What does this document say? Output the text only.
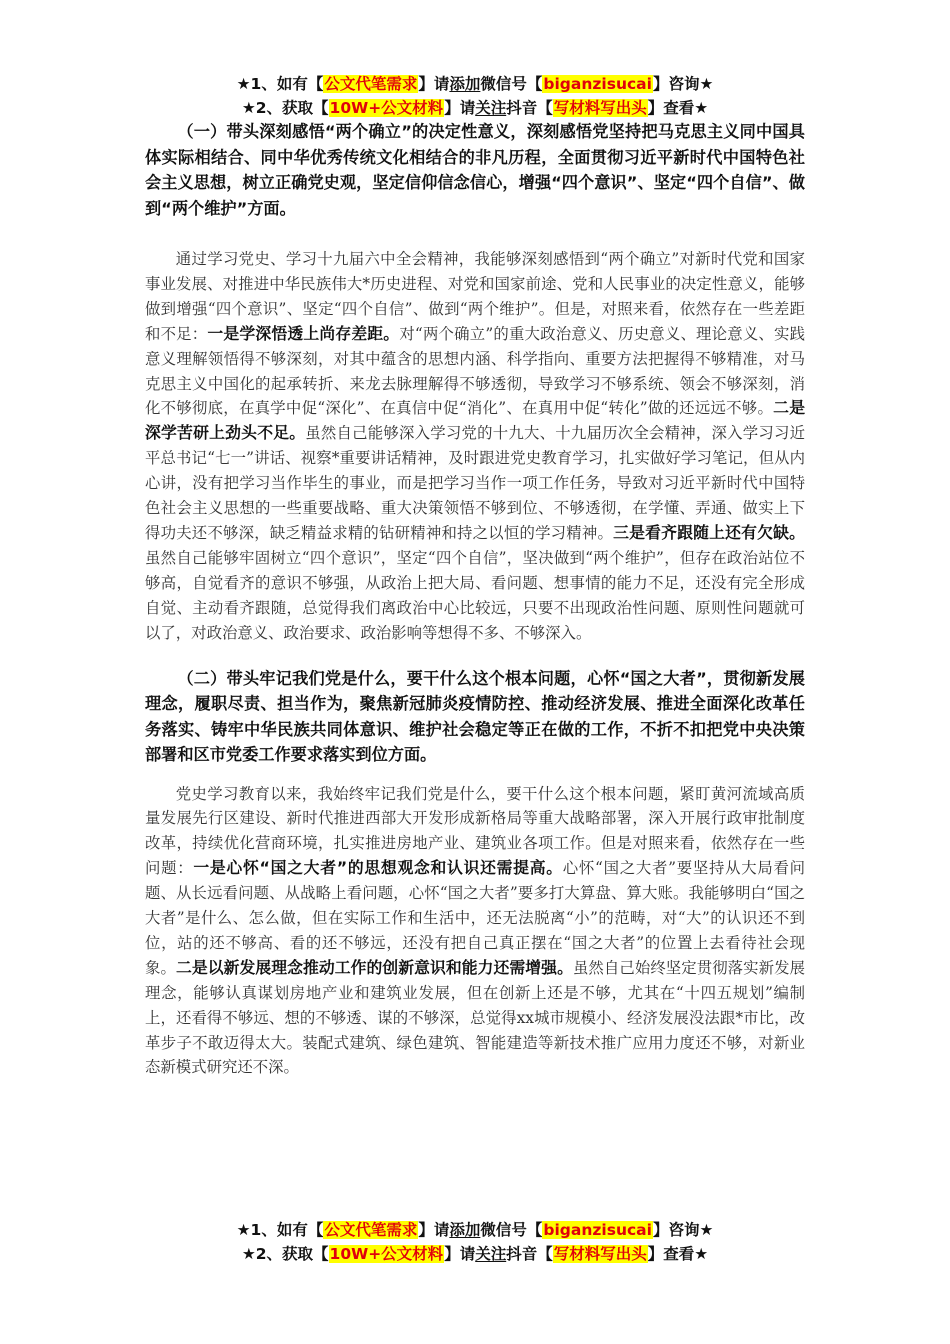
★1、如有【公文代笔需求】请添加微信号【biganzisucai】咨询★
★2、获取【10W+公文材料】请关注抖音【写材料写出头】查看★

（一）带头深刻感悟“两个确立”的决定性意义，深刻感悟党坚持把马克思主义同中国具体实际相结合、同中华优秀传统文化相结合的非凡历程，全面贯彻习近平新时代中国特色社会主义思想，树立正确党史观，坚定信仰信念信心，增强“四个意识”、坚定“四个自信”、做到“两个维护”方面。

通过学习党史、学习十九届六中全会精神，我能够深刻感悟到“两个确立”对新时代党和国家事业发展、对推进中华民族伟大*历史进程、对党和国家前途、党和人民事业的决定性意义，能够做到增强“四个意识”、坚定“四个自信”、做到“两个维护”。但是，对照来看，依然存在一些差距和不足：一是学深悟透上尚存差距。对“两个确立”的重大政治意义、历史意义、理论意义、实践意义理解领悟得不够深刻，对其中蕴含的思想内涵、科学指向、重要方法把握得不够精准，对马克思主义中国化的起承转折、来龙去脉理解得不够透彻，导致学习不够系统、领会不够深刻，消化不够彻底，在真学中促“深化”、在真信中促“消化”、在真用中促“转化”做的还远远不够。二是深学苦研上劲头不足。虽然自己能够深入学习党的十九大、十九届历次全会精神，深入学习习近平总书记“七一”讲话、视察*重要讲话精神，及时跟进党史教育学习，扎实做好学习笔记，但从内心讲，没有把学习当作毕生的事业，而是把学习当作一项工作任务，导致对习近平新时代中国特色社会主义思想的一些重要战略、重大决策领悟不够到位、不够透彻，在学懂、弄通、做实上下得功夫还不够深，缺乏精益求精的钻研精神和持之以恒的学习精神。三是看齐跟随上还有欠缺。虽然自己能够牢固树立“四个意识”，坚定“四个自信”，坚决做到“两个维护”，但存在政治站位不够高，自觉看齐的意识不够强，从政治上把大局、看问题、想事情的能力不足，还没有完全形成自觉、主动看齐跟随，总觉得我们离政治中心比较远，只要不出现政治性问题、原则性问题就可以了，对政治意义、政治要求、政治影响等想得不多、不够深入。

（二）带头牢记我们党是什么，要干什么这个根本问题，心怀“国之大者”，贯彻新发展理念，履职尽责、担当作为，聚焦新冠肺炎疫情防控、推动经济发展、推进全面深化改革任务落实、铸牢中华民族共同体意识、维护社会稳定等正在做的工作，不折不扣把党中央决策部署和区市党委工作要求落实到位方面。

党史学习教育以来，我始终牢记我们党是什么，要干什么这个根本问题，紧盯黄河流域高质量发展先行区建设、新时代推进西部大开发形成新格局等重大战略部署，深入开展行政审批制度改革，持续优化营商环境，扎实推进房地产业、建筑业各项工作。但是对照来看，依然存在一些问题：一是心怀“国之大者”的思想观念和认识还需提高。心怀“国之大者”要坚持从大局看问题、从长远看问题、从战略上看问题，心怀“国之大者”要多打大算盘、算大账。我能够明白“国之大者”是什么、怎么做，但在实际工作和生活中，还无法脱离“小”的范畴，对“大”的认识还不到位，站的还不够高、看的还不够远，还没有把自己真正摆在“国之大者”的位置上去看待社会现象。二是以新发展理念推动工作的创新意识和能力还需增强。虽然自己始终坚定贯彻落实新发展理念，能够认真谋划房地产业和建筑业发展，但在创新上还是不够，尤其在“十四五规划”编制上，还看得不够远、想的不够透、谋的不够深，总觉得xx城市规模小、经济发展没法跟*市比，改革步子不敢迈得太大。装配式建筑、绿色建筑、智能建造等新技术推广应用力度还不够，对新业态新模式研究还不深。

★1、如有【公文代笔需求】请添加微信号【biganzisucai】咨询★
★2、获取【10W+公文材料】请关注抖音【写材料写出头】查看★
